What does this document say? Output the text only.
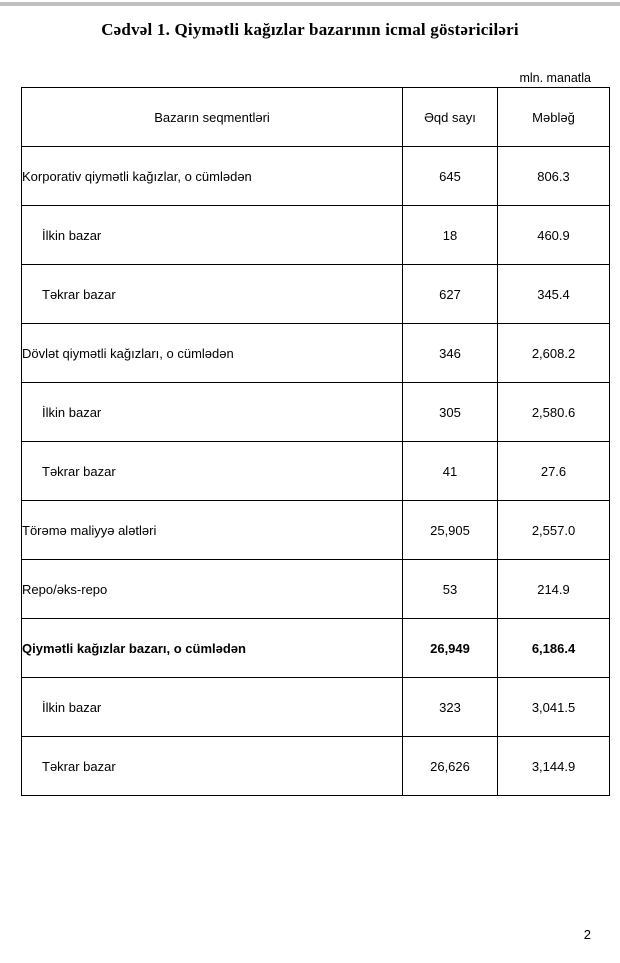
Cədvəl 1. Qiymətli kağızlar bazarının icmal göstəriciləri
mln. manatla
Bazarın seqmentləri	Əqd sayı	Məbləğ
Korporativ qiymətli kağızlar, o cümlədən	645	806.3
İlkin bazar	18	460.9
Təkrar bazar	627	345.4
Dövlət qiymətli kağızları, o cümlədən	346	2,608.2
İlkin bazar	305	2,580.6
Təkrar bazar	41	27.6
Törəmə maliyyə alətləri	25,905	2,557.0
Repo/əks-repo	53	214.9
Qiymətli kağızlar bazarı, o cümlədən	26,949	6,186.4
İlkin bazar	323	3,041.5
Təkrar bazar	26,626	3,144.9
2
